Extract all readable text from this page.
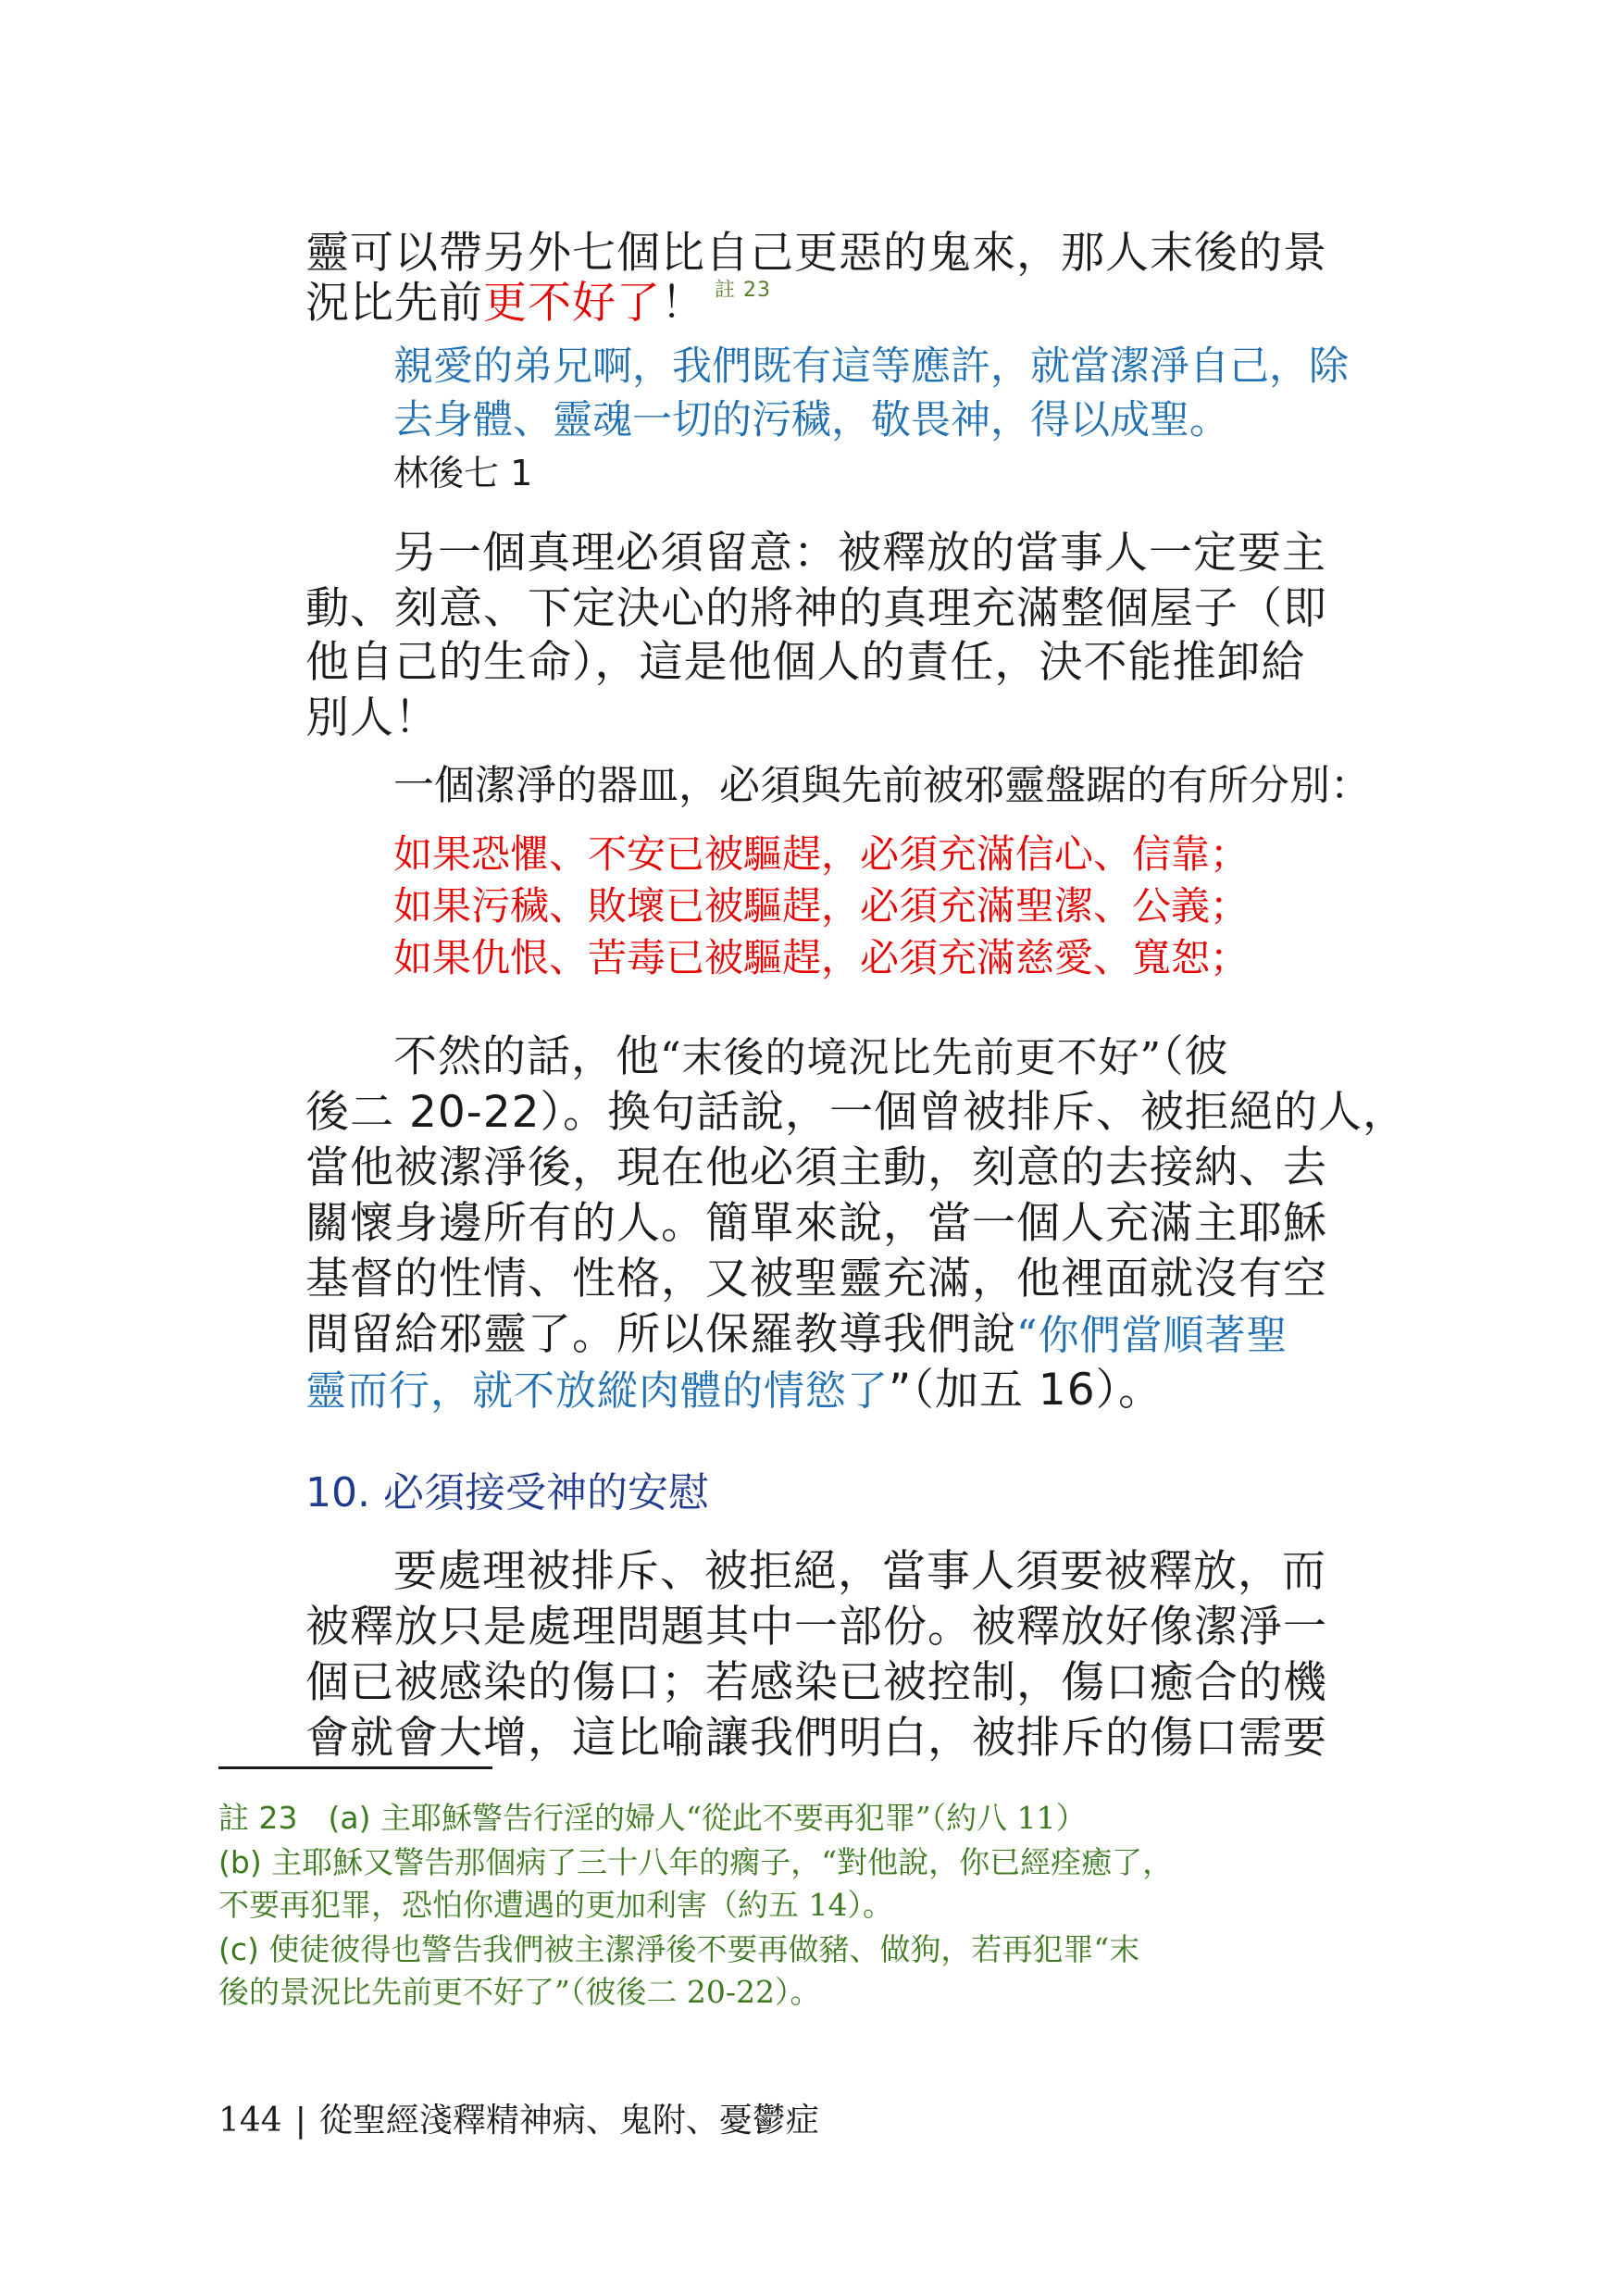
靈可以帶另外七個比自己更惡的鬼來，那人末後的景
況比先前更不好了！ $^{註 23}$
親愛的弟兄啊，我們既有這等應許，就當潔淨自己，除
去身體、靈魂一切的污穢，敬畏神，得以成聖。
林後七 1
另一個真理必須留意：被釋放的當事人一定要主
動、刻意、下定決心的將神的真理充滿整個屋子（即
他自己的生命），這是他個人的責任，決不能推卸給
別人！
一個潔淨的器皿，必須與先前被邪靈盤踞的有所分別：
如果恐懼、不安已被驅趕，必須充滿信心、信靠；
如果污穢、敗壞已被驅趕，必須充滿聖潔、公義；
如果仇恨、苦毒已被驅趕，必須充滿慈愛、寬恕；
不然的話，他“末後的境況比先前更不好”（彼
後二 20-22）。換句話說，一個曾被排斥、被拒絕的人，
當他被潔淨後，現在他必須主動，刻意的去接納、去
關懷身邊所有的人。簡單來說，當一個人充滿主耶穌
基督的性情、性格，又被聖靈充滿，他裡面就沒有空
間留給邪靈了。所以保羅教導我們說“你們當順著聖
靈而行，就不放縱肉體的情慾了”（加五 16）。
10. 必須接受神的安慰
要處理被排斥、被拒絕，當事人須要被釋放，而
被釋放只是處理問題其中一部份。被釋放好像潔淨一
個已被感染的傷口；若感染已被控制，傷口癒合的機
會就會大增，這比喻讓我們明白，被排斥的傷口需要
註 23　(a) 主耶穌警告行淫的婦人“從此不要再犯罪”（約八 11）
(b) 主耶穌又警告那個病了三十八年的瘸子，“對他說，你已經痊癒了，
不要再犯罪，恐怕你遭遇的更加利害（約五 14）。
(c) 使徒彼得也警告我們被主潔淨後不要再做豬、做狗，若再犯罪“末
後的景況比先前更不好了”（彼後二 20-22）。
144 | 從聖經淺釋精神病、鬼附、憂鬱症
